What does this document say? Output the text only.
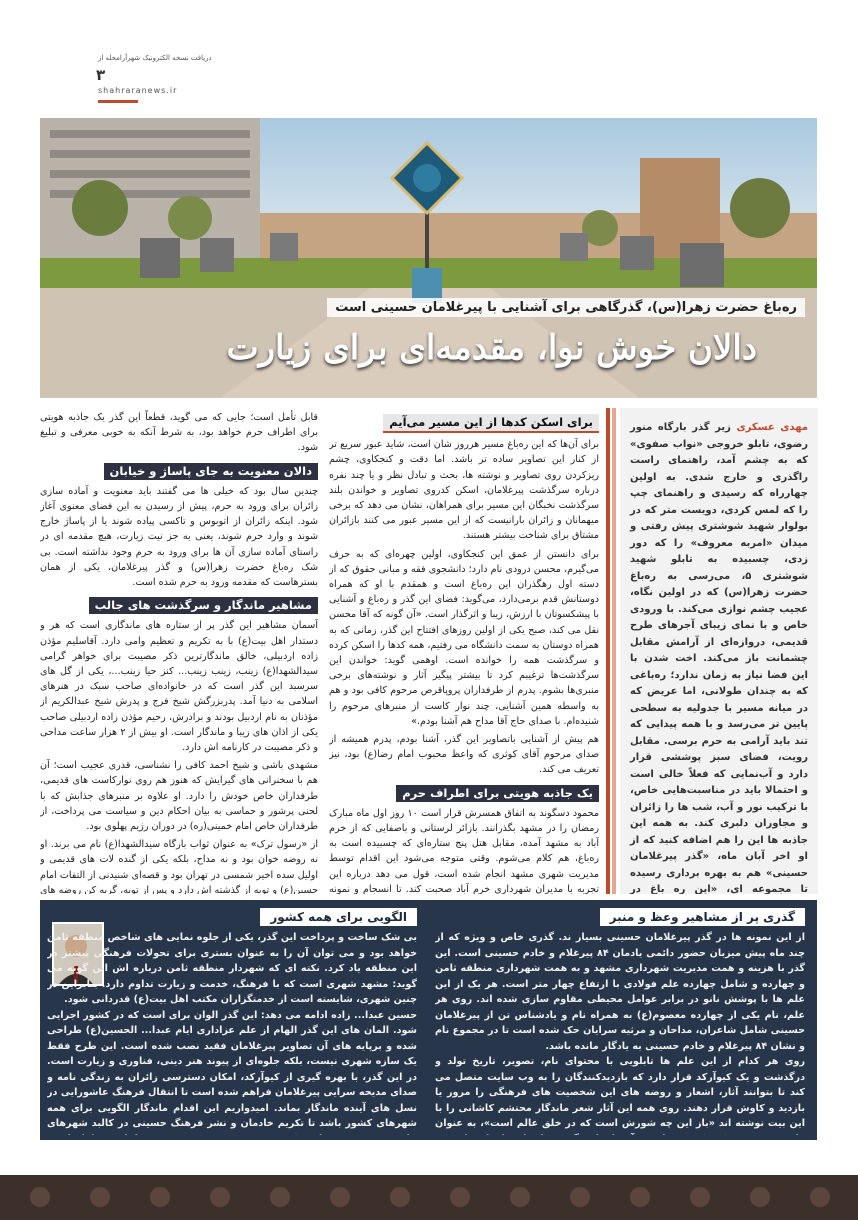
دریافت نسخه الکترونیک شهرآرامحله از
۳
shahraranews.ir
ره‌باغ حضرت زهرا(س)، گذرگاهی برای آشنایی با پیرغلامان حسینی است
دالان خوش نوا، مقدمه‌ای برای زیارت
مهدی عسکری زیر گذر بارگاه منور رضوی، تابلو خروجی «نواب صفوی» که به چشم آمد، راهنمای راست راگذری و خارج شدی. به اولین چهارراه که رسیدی و راهنمای چپ را که لمس کردی، دویست متر که در بولوار شهید شوشتری پیش رفتی و میدان «امربه معروف» را که دور زدی، چسبیده به تابلو شهید شوشتری ۵، می‌رسی به ره‌باغ حضرت زهرا(س) که در اولین نگاه، عجیب چشم نوازی می‌کند. با ورودی خاص و با نمای زیبای آجرهای طرح قدیمی، دروازه‌ای از آرامش مقابل چشمانت باز می‌کند. اخت شدن با این فضا نیاز به زمان ندارد؛ ره‌باغی که به چندان طولانی، اما عریض که در میانه مسیر با جدولیه به سطحی پایین تر می‌رسد و با همه پیدایی که تند باید آرامی به حرم برسی. مقابل رویت، فضای سبز پوششی قرار دارد و آب‌نمایی که فعلاً خالی است و احتمالا باید در مناسبت‌هایی خاص، با ترکیب نور و آب، شب ها را زائران و مجاوران دلبری کند. به همه این جاذبه ها این را هم اضافه کنید که از او اخر آبان ماه، «گذر پیرغلامان حسینی» هم به بهره برداری رسیده تا مجموعه ای، «این ره باغ در
برای اسکن کدها از این مسیر می‌آیم

برای آن‌ها که این ره‌باغ مسیر هرروز شان است، شاید عبور سریع تر از کنار این تصاویر ساده تر باشد. اما دقت و کنجکاوی، چشم ریزکردن روی تصاویر و نوشته ها، بحث و تبادل نظر و یا چند نفره درباره سرگذشت پیرغلامان، اسکن کدروی تصاویر و خواندن بلند سرگذشت نخبگان این مسیر برای همراهان، نشان می دهد که برخی میهمانان و زائران بارانیست که از این مسیر عبور می کنند بازائران مشتاق برای شناخت بیشتر هستند.

برای دانستن از عمق این کنجکاوی، اولین چهره‌ای که به حرف می‌گیرم، محسن درودی نام دارد؛ دانشجوی فقه و مبانی حقوق که از دسته اول رهگذران این ره‌باغ است و همقدم با او که همراه دوستانش قدم برمی‌دارد، می‌گوید: فضای این گذر و ره‌باغ و آشنایی با پیشکسوتان با ارزش، زیبا و اثرگذار است. «آن گونه که آقا محسن نقل می کند، صبح یکی از اولین روزهای افتتاح این گذر، زمانی که به همراه دوستان به سمت دانشگاه می رفتیم، همه کدها را اسکن کرده و سرگذشت همه را خوانده است. اوهمی گوید: خواندن این سرگذشت‌ها ترغیبم کرد تا بیشتر پیگیر آثار و نوشته‌های برخی منبری‌ها بشوم. پدرم از طرفداران پروپاقرص مرحوم کافی بود و هم به واسطه همین آشنایی، چند نوار کاست از منبرهای مرحوم را شنیده‌ام. با صدای حاج آقا مداح هم آشنا بودم.»

هم پیش از آشنایی باتصاویر این گذر، آشنا بودم، پدرم همیشه از صدای مرحوم آقای کوثری که واعظ محبوب امام رضا(ع) بود، نیز تعریف می کند.

یک جاذبه هویتی برای اطراف حرم

محمود دسگوند به اتفاق همسرش قرار است ۱۰ روز اول ماه مبارک رمضان را در مشهد بگذرانند. بازائر لرستانی و باصفایی که از خرم آباد به مشهد آمده، مقابل هتل پنج ستاره‌ای که چسبیده است به ره‌باغ، هم کلام می‌شوم. وقتی متوجه می‌شود این اقدام توسط مدیریت شهری مشهد انجام شده است، قول می دهد درباره این تجربه با مدیران شهرداری خرم آباد صحبت کند. تا انسجام و نمونه

قابل تأمل است؛ جایی که می گوید، قطعاً این گذر یک جاذبه هویتی برای اطراف حرم خواهد بود، به شرط آنکه به خوبی معرفی و تبلیغ شود.

دالان معنویت به جای پاساژ و خیابان

چندین سال بود که خیلی ها می گفتند باید معنویت و آماده سازی زائران برای ورود به حرم، پیش از رسیدن به این فضای معنوی آغاز شود. اینکه زائران از اتوبوس و تاکسی پیاده شوند یا از پاساژ خارج شوند و وارد حرم شوند، یعنی به جز نیت زیارت، هیچ مقدمه ای در راستای آماده سازی آن ها برای ورود به حرم وجود نداشته است. بی شک ره‌باغ حضرت زهرا(س) و گذر پیرغلامان، یکی از همان بسترهاست که مقدمه ورود به حرم شده است.

مشاهیر ماندگار و سرگذشت های جالب

آسمان مشاهیر این گذر پر از ستاره های ماندگاری است که هر و دستدار اهل بیت(ع) با به تکریم و تعظیم وامی دارد. آقاسلیم مؤذن زاده اردبیلی، خالق ماندگارترین ذکر مصیبت برای خواهر گرامی سیدالشهدا(ع) زینب، زینب زینب... کنز حیا زینب...، یکی از گل های سرسبد این گذر است که در خانواده‌ای صاحب سبک در هنرهای اسلامی به دنیا آمد. پدربزرگش شیخ فرج و پدرش شیخ عبدالکریم از مؤذنان به نام اردبیل بودند و برادرش، رحیم مؤذن زاده اردبیلی صاحب یکی از اذان های زیبا و ماندگار است. او بیش از ۲ هزار ساعت مداحی و ذکر مصیبت در کارنامه اش دارد.

مشهدی باشی و شیخ احمد کافی را نشناسی، قدری عجیب است؛ آن هم با سخنرانی های گیرایش که هنوز هم روی نوارکاست های قدیمی، طرفداران خاص خودش را دارد. او علاوه بر منبرهای جذابش که با لحنی پرشور و حماسی به بیان احکام دین و سیاست می پرداخت، از طرفداران خاص امام خمینی(ره) در دوران رژیم پهلوی بود.

از «رسول ترک» به عنوان ثواب بارگاه سیدالشهدا(ع) نام می برند. او نه روضه خوان بود و نه مداح، بلکه یکی از گنده لات های قدیمی و اولیل سده اخیر شمسی در تهران بود و قصه‌ای شنیدنی از التفات امام حسین(ع) و توبه از گذشته اش دارد و پس از توبه، گریه کن روضه های

گذری پر از مشاهیر وعظ و منبر
از این نمونه ها در گذر پیرغلامان حسینی بسیار ند. گذری خاص و ویژه که از چند ماه پیش میزبان حضور دائمی یادمان ۸۴ پیرغلام و خادم حسینی است. این گذر با هزینه و همت مدیریت شهرداری مشهد و به همت شهرداری منطقه ثامن و چهارده و شامل چهارده علم فولادی با ارتفاع چهار متر است. هر یک از این علم ها با پوشش نانو در برابر عوامل محیطی مقاوم سازی شده اند. روی هر علم، نام یکی از چهارده معصوم(ع) به همراه نام و یادشناس تن از پیرغلامان حسینی شامل شاعران، مداحان و مرثیه سرایان حک شده است تا در مجموع نام و نشان ۸۴ پیرغلام و خادم حسینی به یادگار مانده باشد.
روی هر کدام از این علم ها تابلویی با محتوای نام، تصویر، تاریخ تولد و درگذشت و یک کیوآرکد قرار دارد که بازدیدکنندگان را به وب سایت متصل می کند تا بتوانند آثار، اشعار و روضه های این شخصیت های فرهنگی را مرور یا بازدید و کاوش قرار دهند. روی همه این آثار شعر ماندگار محتشم کاشانی را با این بیت نوشته اند «باز این چه شورش است که در خلق عالم است»، به عنوان
الگویی برای همه کشور
بی شک ساخت و پرداخت این گذر، یکی از جلوه نمایی های شاخص منطقه ثامن خواهد بود و می توان آن را به عنوان بستری برای تحولات فرهنگی بیشتر در این منطقه یاد کرد. نکته ای که شهردار منطقه ثامن درباره اش این گونه می گوید: مشهد شهری است که با فرهنگ، خدمت و زیارت تداوم دارد. بنابراین در چنین شهری، شایسته است از خدمتگزاران مکتب اهل بیت(ع) قدردانی شود.
حسین عبدا... زاده ادامه می دهد: این گذر الوان برای است که در کشور اجرایی شود. المان های این گذر الهام از علم عزاداری ایام عبدا... الحسین(ع) طراحی شده و برپایه های آن تصاویر پیرغلامان فقید نصب شده است. این طرح فقط یک سازه شهری نیست، بلکه جلوه‌ای از پیوند هنر دینی، فناوری و زیارت است. در این گذر، با بهره گیری از کیوآرکد، امکان دسترسی زائران به زندگی نامه و صدای مدیحه سرایی پیرغلامان فراهم شده است تا انتقال فرهنگ عاشورایی در نسل های آینده ماندگار بماند. امیدواریم این اقدام ماندگار الگویی برای همه شهرهای کشور باشد تا تکریم خادمان و نشر فرهنگ حسینی در کالبد شهرهای
